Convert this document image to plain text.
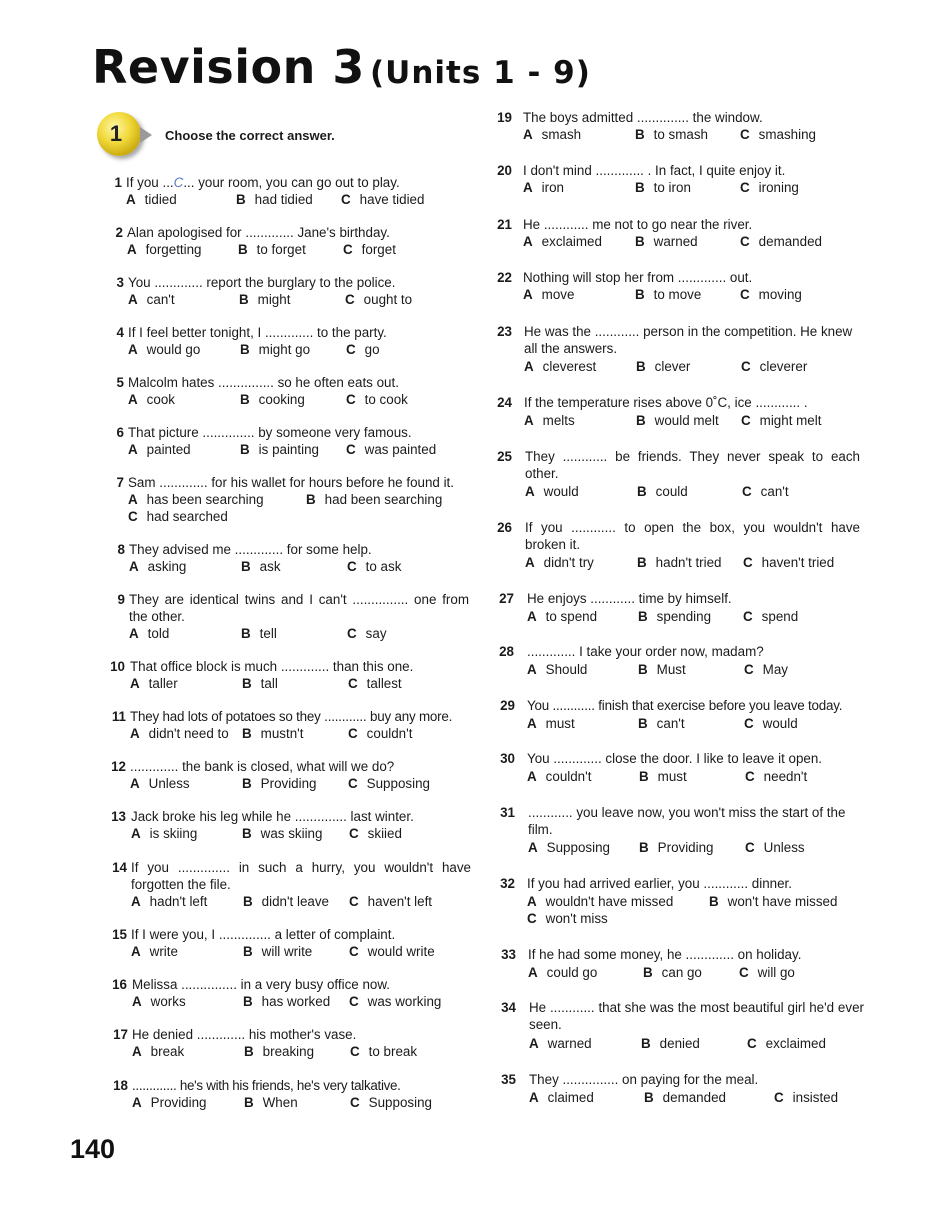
Revision 3 (Units 1 - 9)
1	Choose the correct answer.
1 If you ...C... your room, you can go out to play.
A tidied	B had tidied C have tidied
2 Alan apologised for ............. Jane's birthday.
A forgetting	B to forget	C forget
3 You ............. report the burglary to the police.
A can't	B might	C ought to
4 If I feel better tonight, I ............. to the party.
A would go	B might go	C go
5 Malcolm hates ............... so he often eats out.
A cook	B cooking	C to cook
6 That picture .............. by someone very famous.
A painted	B is painting C was painted
7 Sam ............. for his wallet for hours before he found it.
A has been searching	B had been searching
C had searched
8 They advised me ............. for some help.
A asking	B ask	C to ask
9 They are identical twins and I can't ............... one from the other.
A told	B tell	C say
10 That office block is much ............. than this one.
A taller	B tall	C tallest
11 They had lots of potatoes so they ............ buy any more.
A didn't need to B mustn't	C couldn't
12 ............. the bank is closed, what will we do?
A Unless	B Providing C Supposing
13 Jack broke his leg while he .............. last winter.
A is skiing	B was skiing C skiied
14 If you .............. in such a hurry, you wouldn't have forgotten the file.
A hadn't left	B didn't leave C haven't left
15 If I were you, I .............. a letter of complaint.
A write	B will write	C would write
16 Melissa ............... in a very busy office now.
A works	B has worked C was working
17 He denied ............. his mother's vase.
A break	B breaking	C to break
18 ............. he's with his friends, he's very talkative.
A Providing	B When	C Supposing
19 The boys admitted .............. the window.
A smash	B to smash C smashing
20 I don't mind ............. . In fact, I quite enjoy it.
A iron	B to iron	C ironing
21 He ............ me not to go near the river.
A exclaimed B warned	C demanded
22 Nothing will stop her from ............. out.
A move	B to move	C moving
23 He was the ............ person in the competition. He knew all the answers.
A cleverest	B clever	C cleverer
24 If the temperature rises above 0˚C, ice ............ .
A melts	B would melt C might melt
25 They ............ be friends. They never speak to each other.
A would	B could	C can't
26 If you ............ to open the box, you wouldn't have broken it.
A didn't try	B hadn't tried C haven't tried
27 He enjoys ............ time by himself.
A to spend	B spending C spend
28 ............. I take your order now, madam?
A Should	B Must	C May
29 You ............ finish that exercise before you leave today.
A must	B can't	C would
30 You ............. close the door. I like to leave it open.
A couldn't	B must	C needn't
31 ............ you leave now, you won't miss the start of the film.
A Supposing B Providing C Unless
32 If you had arrived earlier, you ............ dinner.
A wouldn't have missed	B won't have missed
C won't miss
33 If he had some money, he ............. on holiday.
A could go	B can go	C will go
34 He ............ that she was the most beautiful girl he'd ever seen.
A warned	B denied	C exclaimed
35 They ............... on paying for the meal.
A claimed	B demanded	C insisted
140
